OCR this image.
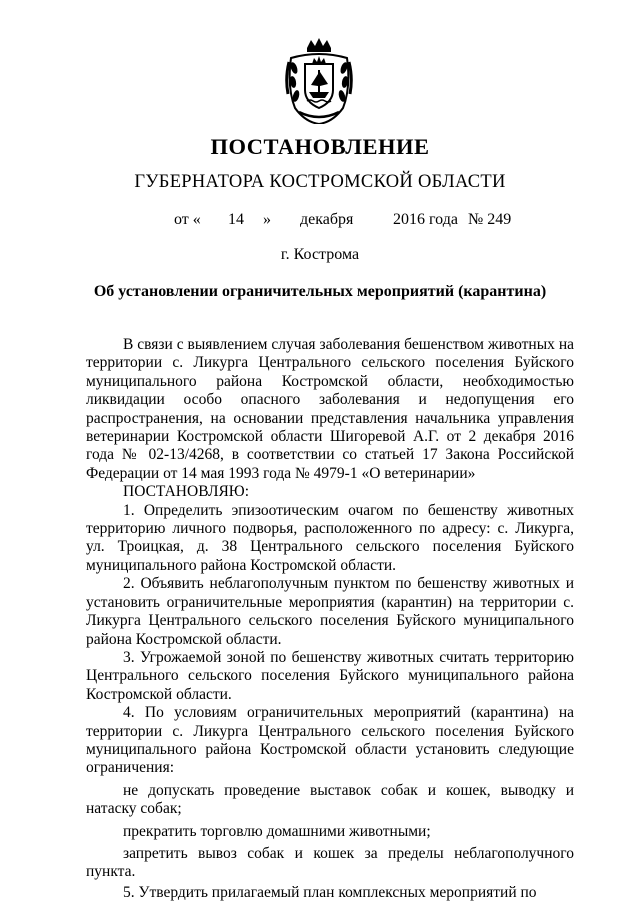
ПОСТАНОВЛЕНИЕ
ГУБЕРНАТОРА КОСТРОМСКОЙ ОБЛАСТИ
от « 14 » декабря 2016 года № 249
г. Кострома
Об установлении ограничительных мероприятий (карантина)

В связи с выявлением случая заболевания бешенством животных на территории с. Ликурга Центрального сельского поселения Буйского муниципального района Костромской области, необходимостью ликвидации особо опасного заболевания и недопущения его распространения, на основании представления начальника управления ветеринарии Костромской области Шигоревой А.Г. от 2 декабря 2016 года № 02-13/4268, в соответствии со статьей 17 Закона Российской Федерации от 14 мая 1993 года № 4979-1 «О ветеринарии»

ПОСТАНОВЛЯЮ:

1. Определить эпизоотическим очагом по бешенству животных территорию личного подворья, расположенного по адресу: с. Ликурга, ул. Троицкая, д. 38 Центрального сельского поселения Буйского муниципального района Костромской области.

2. Объявить неблагополучным пунктом по бешенству животных и установить ограничительные мероприятия (карантин) на территории с. Ликурга Центрального сельского поселения Буйского муниципального района Костромской области.

3. Угрожаемой зоной по бешенству животных считать территорию Центрального сельского поселения Буйского муниципального района Костромской области.

4. По условиям ограничительных мероприятий (карантина) на территории с. Ликурга Центрального сельского поселения Буйского муниципального района Костромской области установить следующие ограничения:

не допускать проведение выставок собак и кошек, выводку и натаску собак;

прекратить торговлю домашними животными;

запретить вывоз собак и кошек за пределы неблагополучного пункта.

5. Утвердить прилагаемый план комплексных мероприятий по
